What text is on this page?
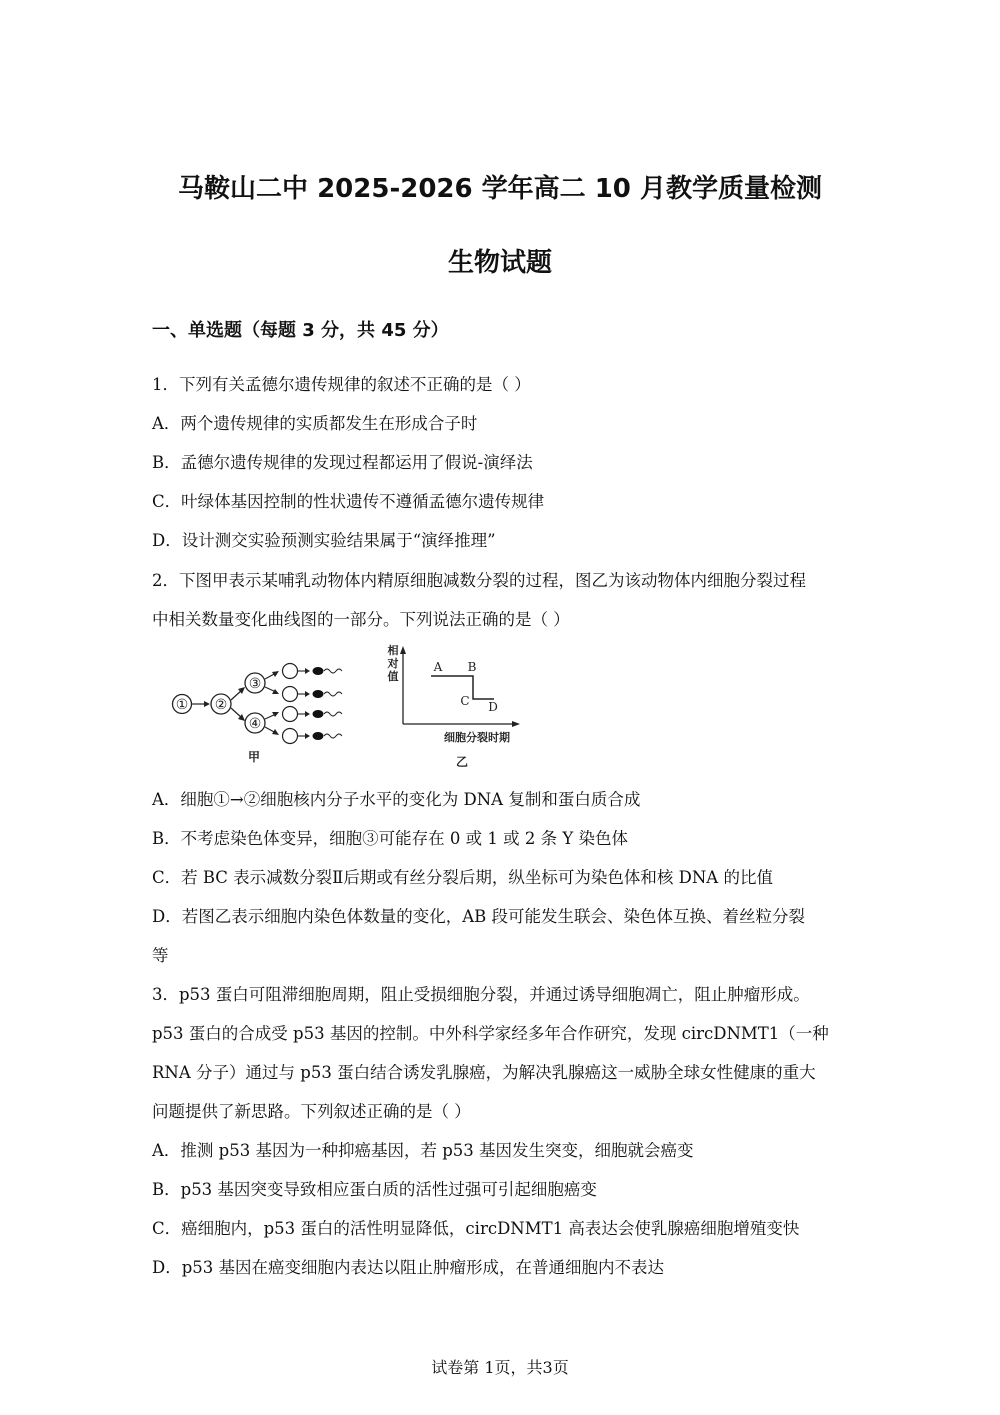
马鞍山二中 2025-2026 学年高二 10 月教学质量检测
生物试题
一、单选题（每题 3 分，共 45 分）
1．下列有关孟德尔遗传规律的叙述不正确的是（ ）
A．两个遗传规律的实质都发生在形成合子时
B．孟德尔遗传规律的发现过程都运用了假说-演绎法
C．叶绿体基因控制的性状遗传不遵循孟德尔遗传规律
D．设计测交实验预测实验结果属于“演绎推理”
2．下图甲表示某哺乳动物体内精原细胞减数分裂的过程，图乙为该动物体内细胞分裂过程
中相关数量变化曲线图的一部分。下列说法正确的是（ ）
① ②
③
④
甲
相
对
值
A B
C D
细胞分裂时期
乙
A．细胞①→②细胞核内分子水平的变化为 DNA 复制和蛋白质合成
B．不考虑染色体变异，细胞③可能存在 0 或 1 或 2 条 Y 染色体
C．若 BC 表示减数分裂Ⅱ后期或有丝分裂后期，纵坐标可为染色体和核 DNA 的比值
D．若图乙表示细胞内染色体数量的变化，AB 段可能发生联会、染色体互换、着丝粒分裂
等
3．p53 蛋白可阻滞细胞周期，阻止受损细胞分裂，并通过诱导细胞凋亡，阻止肿瘤形成。
p53 蛋白的合成受 p53 基因的控制。中外科学家经多年合作研究，发现 circDNMT1（一种
RNA 分子）通过与 p53 蛋白结合诱发乳腺癌，为解决乳腺癌这一威胁全球女性健康的重大
问题提供了新思路。下列叙述正确的是（ ）
A．推测 p53 基因为一种抑癌基因，若 p53 基因发生突变，细胞就会癌变
B．p53 基因突变导致相应蛋白质的活性过强可引起细胞癌变
C．癌细胞内，p53 蛋白的活性明显降低，circDNMT1 高表达会使乳腺癌细胞增殖变快
D．p53 基因在癌变细胞内表达以阻止肿瘤形成，在普通细胞内不表达
试卷第 1页，共3页
